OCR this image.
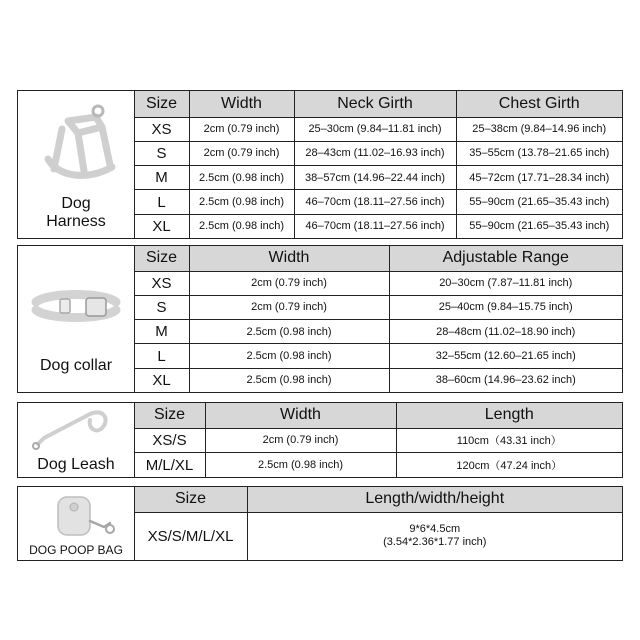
Dog
Harness
Size	Width	Neck Girth	Chest Girth
XS	2cm (0.79 inch)	25–30cm (9.84–11.81 inch)	25–38cm (9.84–14.96 inch)
S	2cm (0.79 inch)	28–43cm (11.02–16.93 inch)	35–55cm (13.78–21.65 inch)
M	2.5cm (0.98 inch)	38–57cm (14.96–22.44 inch)	45–72cm (17.71–28.34 inch)
L	2.5cm (0.98 inch)	46–70cm (18.11–27.56 inch)	55–90cm (21.65–35.43 inch)
XL	2.5cm (0.98 inch)	46–70cm (18.11–27.56 inch)	55–90cm (21.65–35.43 inch)
Dog collar
Size	Width	Adjustable Range
XS	2cm (0.79 inch)	20–30cm (7.87–11.81 inch)
S	2cm (0.79 inch)	25–40cm (9.84–15.75 inch)
M	2.5cm (0.98 inch)	28–48cm (11.02–18.90 inch)
L	2.5cm (0.98 inch)	32–55cm (12.60–21.65 inch)
XL	2.5cm (0.98 inch)	38–60cm (14.96–23.62 inch)
Dog Leash
Size	Width	Length
XS/S	2cm (0.79 inch)	110cm（43.31 inch）
M/L/XL	2.5cm (0.98 inch)	120cm（47.24 inch）
DOG POOP BAG
Size	Length/width/height
XS/S/M/L/XL	9*6*4.5cm
(3.54*2.36*1.77 inch)
